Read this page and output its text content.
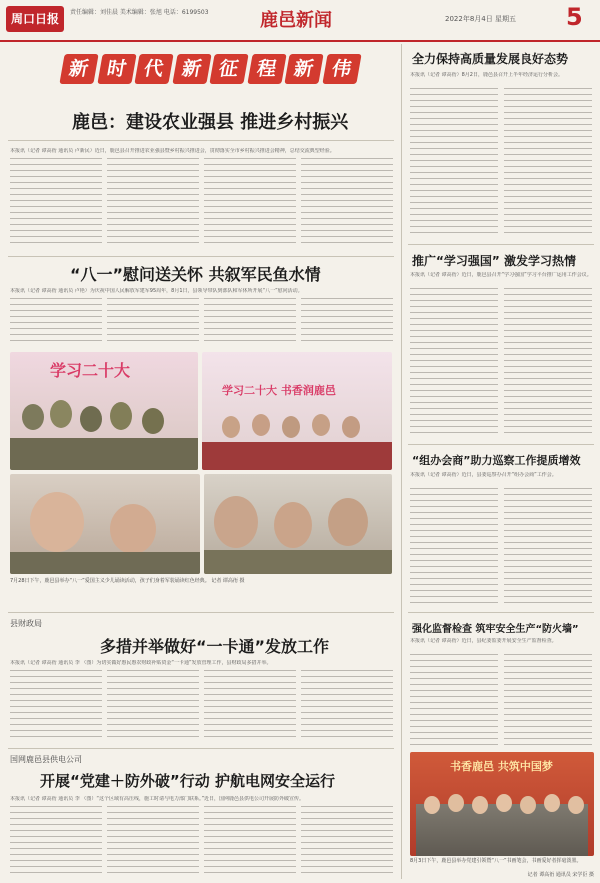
周口日报	责任编辑：刘佳晨 美术编辑：张旭 电话：6199503	鹿邑新闻	2022年8月4日 星期五 5
新 时 代 新 征 程 新 伟
鹿邑：建设农业强县 推进乡村振兴
本报讯（记者 谭高衎 通讯员 卢新民）近日，鹿邑县召开推进农业强县暨乡村振兴推进会，贯彻落实全市乡村振兴推进会精神，总结交流典型经验。
“八一”慰问送关怀 共叙军民鱼水情
本报讯（记者 谭高衎 通讯员 卢艳）为庆祝中国人民解放军建军95周年，8月1日，县领导带队到部队和军休所开展“八一”慰问活动。
学习二十大
学习二十大 书香润鹿邑
7月28日下午，鹿邑县举办“八一”爱国主义少儿诵读活动，孩子们身着军装诵读红色经典。 记者 谭高衎 摄
县财政局
多措并举做好“一卡通”发放工作
本报讯（记者 谭高衎 通讯员 李 （图）为切实做好惠民惠农财政补贴资金“一卡通”发放管理工作，县财政局多措并举。
国网鹿邑县供电公司
开展“党建＋防外破”行动 护航电网安全运行
本报讯（记者 谭高衎 通讯员 李 （图）“这个区域有高压线，施工时请与电力部门联系。”近日，国网鹿邑县供电公司开展防外破宣传。
全力保持高质量发展良好态势
本报讯（记者 谭高衎）8月2日，鹿邑县召开上半年经济运行分析会。
推广“学习强国” 激发学习热情
本报讯（记者 谭高衎）近日，鹿邑县召开“学习强国”学习平台推广运用工作会议。
“组办会商”助力巡察工作提质增效
本报讯（记者 谭高衎）近日，县委巡察办召开“组办会商”工作会。
强化监督检查 筑牢安全生产“防火墙”
本报讯（记者 谭高衎）近日，县纪委监委开展安全生产监督检查。
书香鹿邑 共筑中国梦
8月3日下午，鹿邑县举办党建引领暨“八一”书画笔会，书画爱好者挥毫泼墨。
记者 谭高衎 通讯员 宋学臣 摄
